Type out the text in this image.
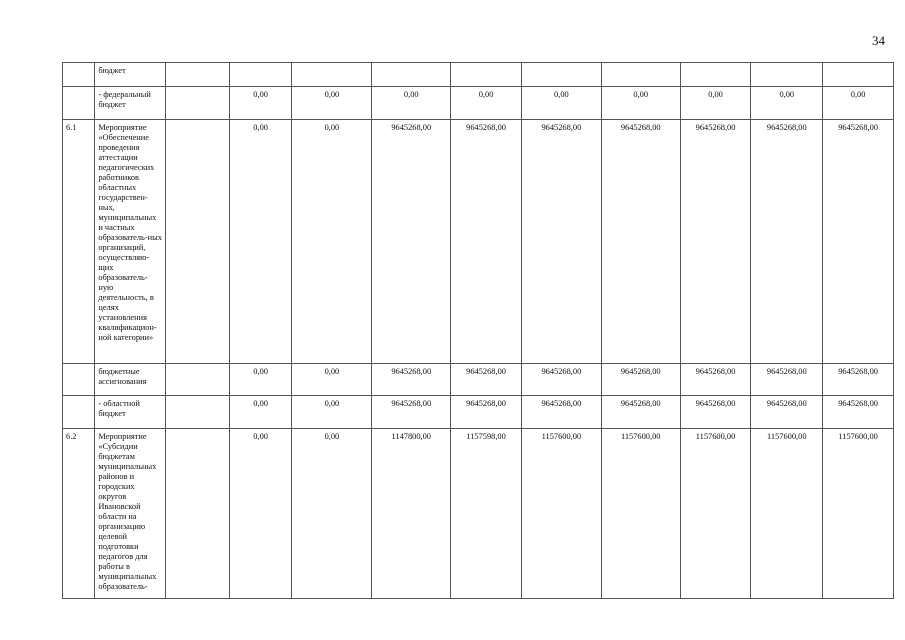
34
	бюджет										
	- федеральный бюджет		0,00	0,00	0,00	0,00	0,00	0,00	0,00	0,00	0,00
6.1	Мероприятие «Обеспечение проведения аттестации педагогических работников областных государствен-ных, муниципальных и частных образователь-ных организаций, осуществляю-щих образователь-ную деятельность, в целях установления квалификацион-ной категории»		0,00	0,00	9645268,00	9645268,00	9645268,00	9645268,00	9645268,00	9645268,00	9645268,00
	бюджетные ассигнования		0,00	0,00	9645268,00	9645268,00	9645268,00	9645268,00	9645268,00	9645268,00	9645268,00
	- областной бюджет		0,00	0,00	9645268,00	9645268,00	9645268,00	9645268,00	9645268,00	9645268,00	9645268,00
6.2	Мероприятие «Субсидии бюджетам муниципальных районов и городских округов Ивановской области на организацию целевой подготовки педагогов для работы в муниципальных образователь-		0,00	0,00	1147800,00	1157598,00	1157600,00	1157600,00	1157600,00	1157600,00	1157600,00
